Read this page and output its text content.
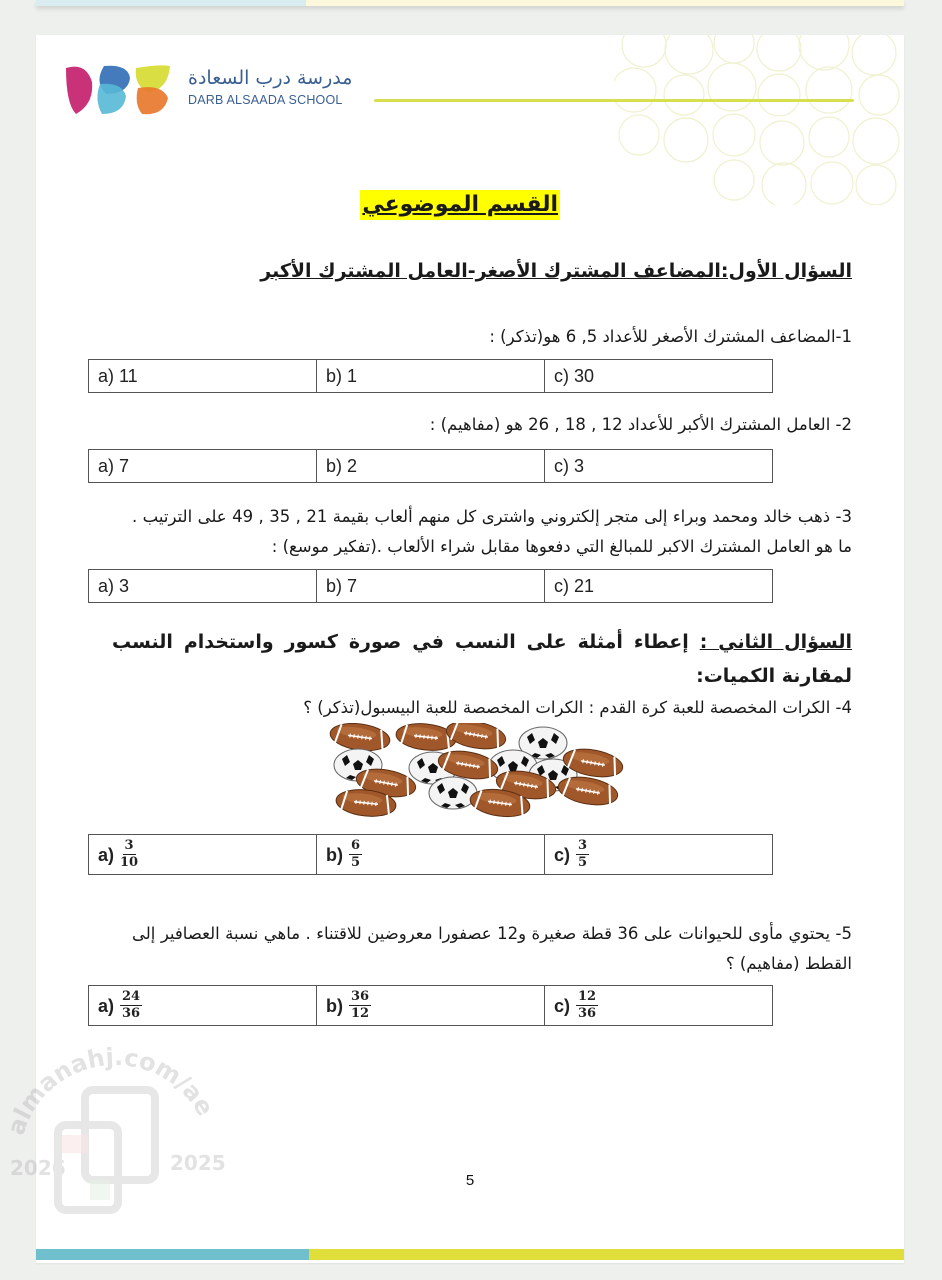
مدرسة درب السعادة
DARB ALSAADA SCHOOL
القسم الموضوعي
السؤال الأول:المضاعف المشترك الأصغر-العامل المشترك الأكبر
1-المضاعف المشترك الأصغر للأعداد 5, 6 هو(تذكر) :
a) 11	b) 1	c) 30
2- العامل المشترك الأكبر للأعداد 12 , 18 , 26 هو (مفاهيم) :
a) 7	b) 2	c) 3
3- ذهب خالد ومحمد وبراء إلى متجر إلكتروني واشترى كل منهم ألعاب بقيمة 21 , 35 , 49 على الترتيب . ما هو العامل المشترك الاكبر للمبالغ التي دفعوها مقابل شراء الألعاب .(تفكير موسع) :
a) 3	b) 7	c) 21
السؤال الثاني : إعطاء أمثلة على النسب في صورة كسور واستخدام النسب لمقارنة الكميات:
4- الكرات المخصصة للعبة كرة القدم : الكرات المخصصة للعبة البيسبول(تذكر) ؟
$a) \frac{3}{10}$	$b) \frac{6}{5}$	$c) \frac{3}{5}$
5- يحتوي مأوى للحيوانات على 36 قطة صغيرة و12 عصفورا معروضين للاقتناء . ماهي نسبة العصافير إلى القطط (مفاهيم) ؟
$a) \frac{24}{36}$	$b) \frac{36}{12}$	$c) \frac{12}{36}$
5
almanahj.com/ae
2026	2025
